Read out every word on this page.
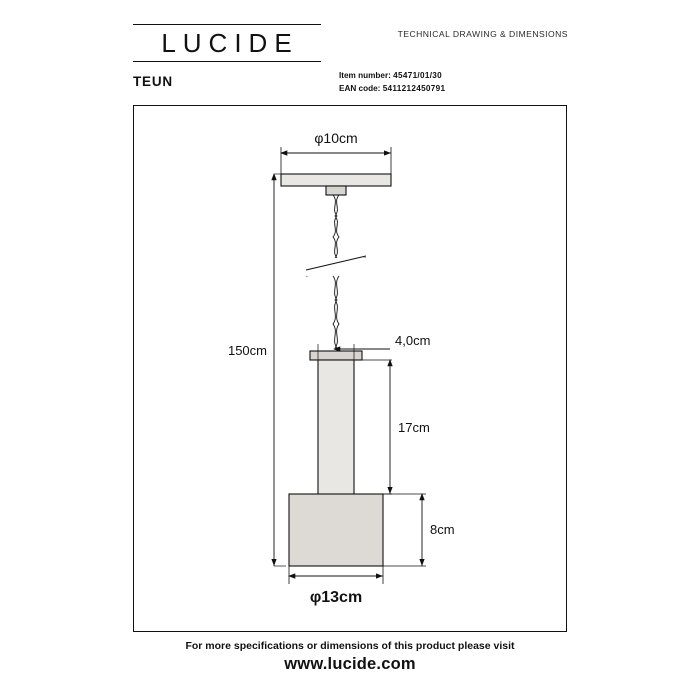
LUCIDE	TECHNICAL DRAWING & DIMENSIONS
TEUN	Item number: 45471/01/30
EAN code: 5411212450791
φ10cm
150cm
4,0cm
17cm
8cm
φ13cm
For more specifications or dimensions of this product please visit
www.lucide.com
